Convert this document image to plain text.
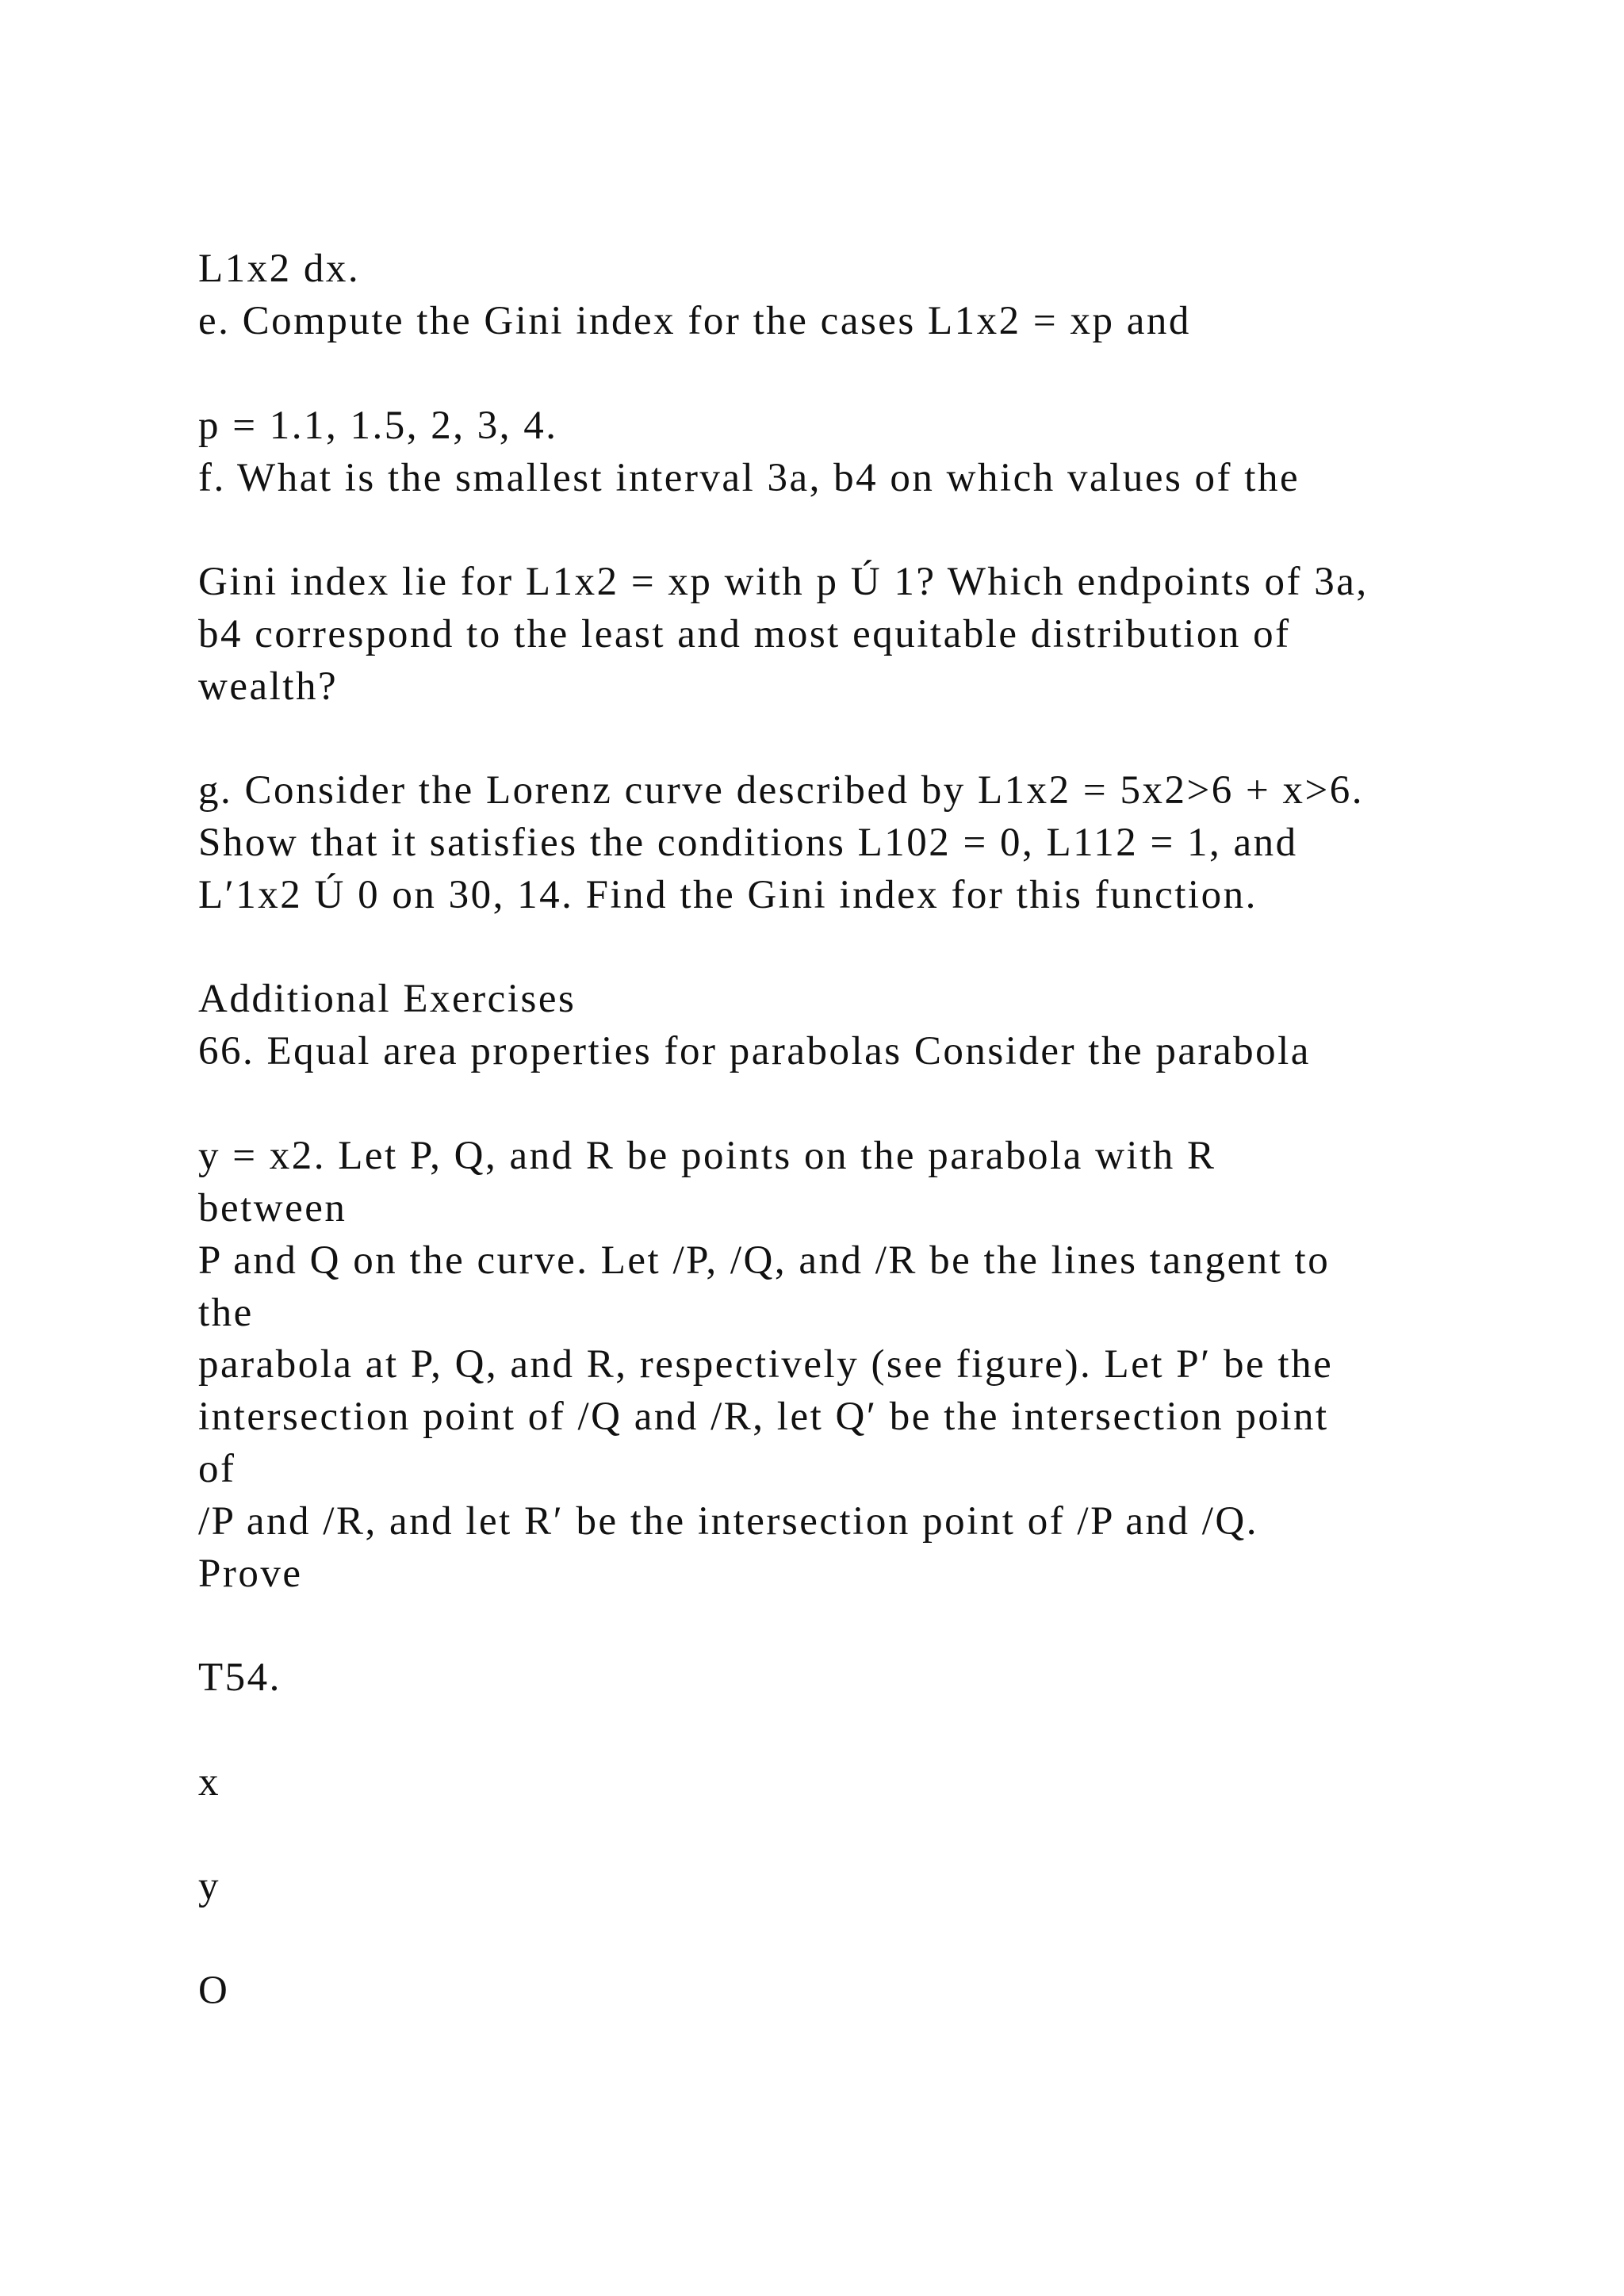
L1x2 dx.

e. Compute the Gini index for the cases L1x2 = xp and

p = 1.1, 1.5, 2, 3, 4.

f. What is the smallest interval 3a, b4 on which values of the

Gini index lie for L1x2 = xp with p Ú 1? Which endpoints of 3a,

b4 correspond to the least and most equitable distribution of

wealth?

g. Consider the Lorenz curve described by L1x2 = 5x2>6 + x>6.

Show that it satisfies the conditions L102 = 0, L112 = 1, and

L′1x2 Ú 0 on 30, 14. Find the Gini index for this function.

Additional Exercises

66. Equal area properties for parabolas Consider the parabola

y = x2. Let P, Q, and R be points on the parabola with R

between

P and Q on the curve. Let /P, /Q, and /R be the lines tangent to

the

parabola at P, Q, and R, respectively (see figure). Let P′ be the

intersection point of /Q and /R, let Q′ be the intersection point

of

/P and /R, and let R′ be the intersection point of /P and /Q.

Prove

T54.

x

y

O
